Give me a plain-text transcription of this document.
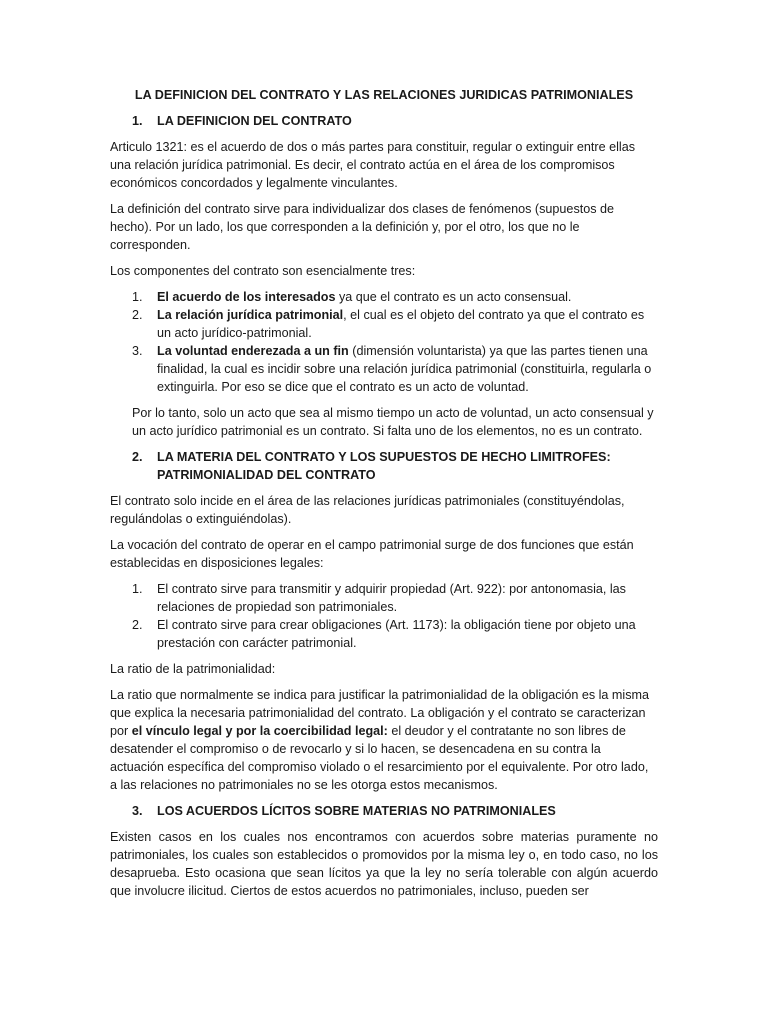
LA DEFINICION DEL CONTRATO Y LAS RELACIONES JURIDICAS PATRIMONIALES

1.	LA DEFINICION DEL CONTRATO

Articulo 1321: es el acuerdo de dos o más partes para constituir, regular o extinguir entre ellas una relación jurídica patrimonial. Es decir, el contrato actúa en el área de los compromisos económicos concordados y legalmente vinculantes.

La definición del contrato sirve para individualizar dos clases de fenómenos (supuestos de hecho). Por un lado, los que corresponden a la definición y, por el otro, los que no le corresponden.

Los componentes del contrato son esencialmente tres:

1.	El acuerdo de los interesados ya que el contrato es un acto consensual.
2.	La relación jurídica patrimonial, el cual es el objeto del contrato ya que el contrato es un acto jurídico-patrimonial.
3.	La voluntad enderezada a un fin (dimensión voluntarista) ya que las partes tienen una finalidad, la cual es incidir sobre una relación jurídica patrimonial (constituirla, regularla o extinguirla. Por eso se dice que el contrato es un acto de voluntad.

Por lo tanto, solo un acto que sea al mismo tiempo un acto de voluntad, un acto consensual y un acto jurídico patrimonial es un contrato. Si falta uno de los elementos, no es un contrato.

2.	LA MATERIA DEL CONTRATO Y LOS SUPUESTOS DE HECHO LIMITROFES: PATRIMONIALIDAD DEL CONTRATO

El contrato solo incide en el área de las relaciones jurídicas patrimoniales (constituyéndolas, regulándolas o extinguiéndolas).

La vocación del contrato de operar en el campo patrimonial surge de dos funciones que están establecidas en disposiciones legales:

1.	El contrato sirve para transmitir y adquirir propiedad (Art. 922): por antonomasia, las relaciones de propiedad son patrimoniales.
2.	El contrato sirve para crear obligaciones (Art. 1173): la obligación tiene por objeto una prestación con carácter patrimonial.

La ratio de la patrimonialidad:

La ratio que normalmente se indica para justificar la patrimonialidad de la obligación es la misma que explica la necesaria patrimonialidad del contrato. La obligación y el contrato se caracterizan por el vínculo legal y por la coercibilidad legal: el deudor y el contratante no son libres de desatender el compromiso o de revocarlo y si lo hacen, se desencadena en su contra la actuación específica del compromiso violado o el resarcimiento por el equivalente. Por otro lado, a las relaciones no patrimoniales no se les otorga estos mecanismos.

3.	LOS ACUERDOS LÍCITOS SOBRE MATERIAS NO PATRIMONIALES

Existen casos en los cuales nos encontramos con acuerdos sobre materias puramente no patrimoniales, los cuales son establecidos o promovidos por la misma ley o, en todo caso, no los desaprueba. Esto ocasiona que sean lícitos ya que la ley no sería tolerable con algún acuerdo que involucre ilicitud. Ciertos de estos acuerdos no patrimoniales, incluso, pueden ser
